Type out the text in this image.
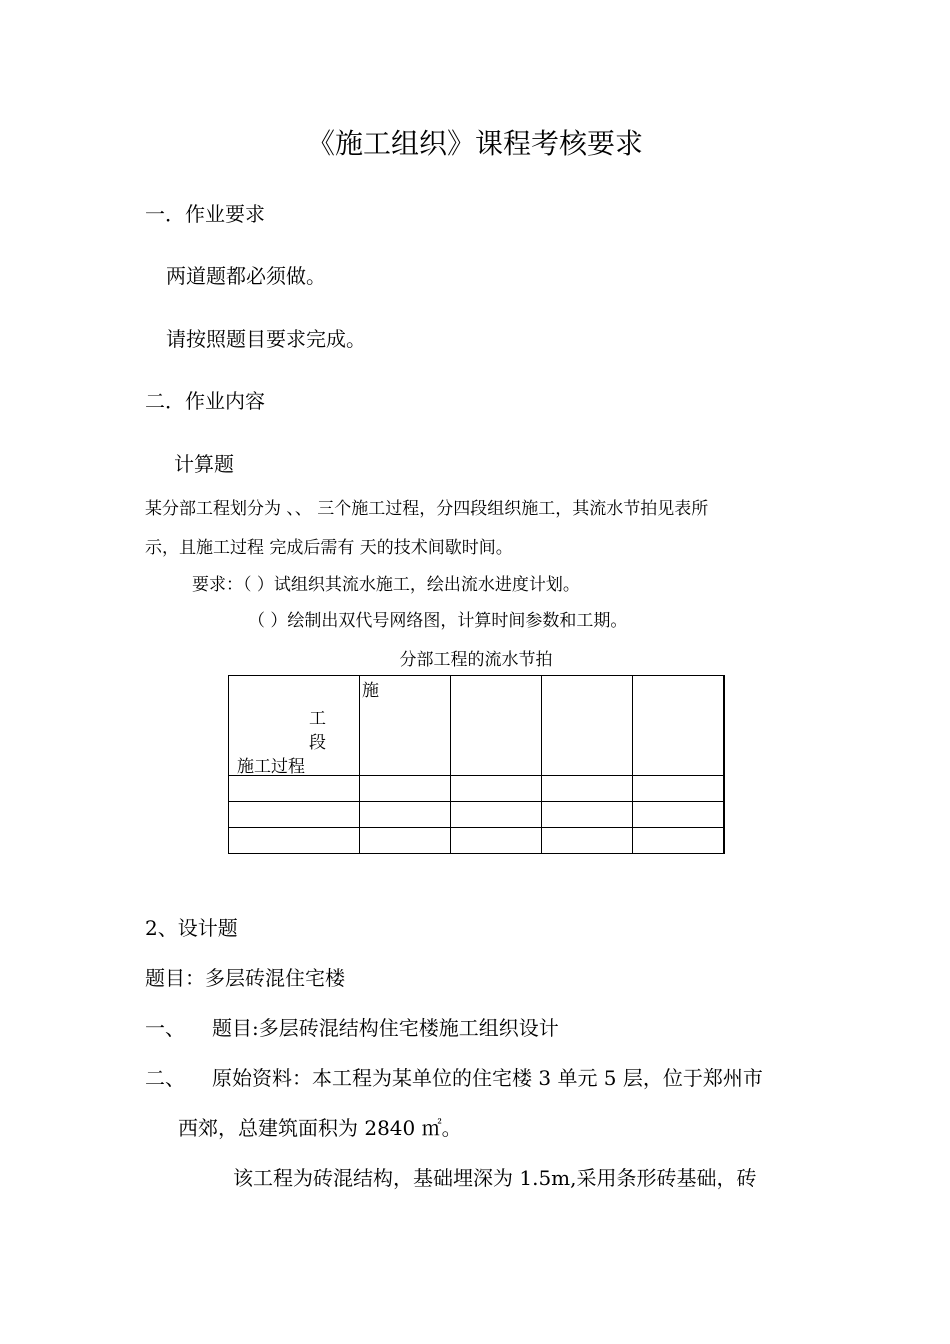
《施工组织》课程考核要求
一．作业要求
两道题都必须做。
请按照题目要求完成。
二．作业内容
计算题
某分部工程划分为 、、 三个施工过程，分四段组织施工，其流水节拍见表所
示，且施工过程 完成后需有 天的技术间歇时间。
要求：（ ）试组织其流水施工，绘出流水进度计划。
（ ）绘制出双代号网络图，计算时间参数和工期。
分部工程的流水节拍
工
段
施工过程	施			

2、设计题
题目：多层砖混住宅楼
一、 题目:多层砖混结构住宅楼施工组织设计
二、 原始资料：本工程为某单位的住宅楼 3 单元 5 层，位于郑州市
西郊，总建筑面积为 2840 ㎡。
该工程为砖混结构，基础埋深为 1.5m,采用条形砖基础，砖
